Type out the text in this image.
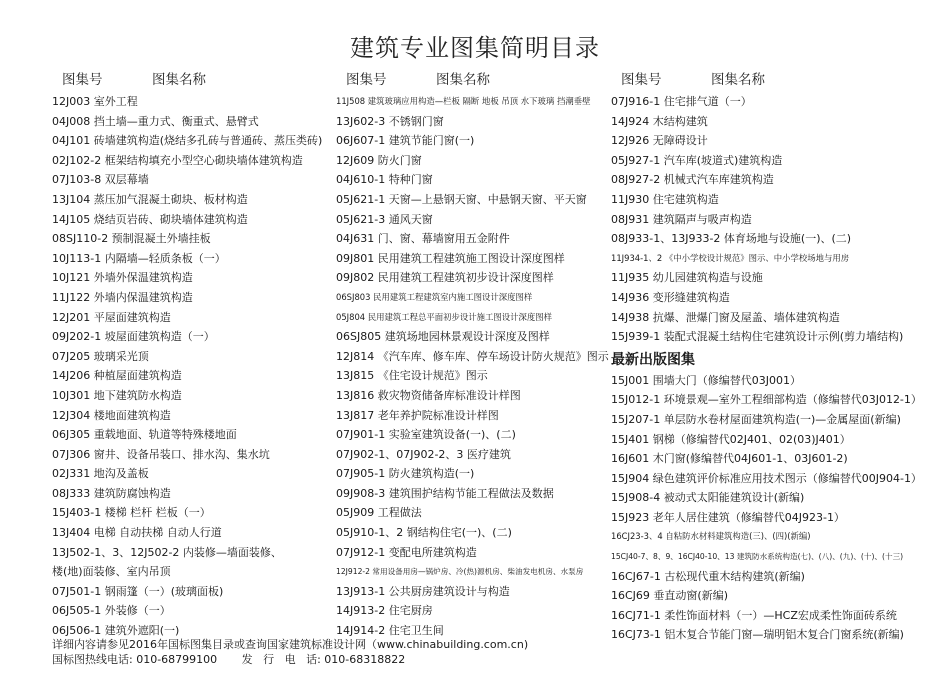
建筑专业图集简明目录
图集号	图集名称
12J003 室外工程
04J008 挡土墙—重力式、衡重式、悬臂式
04J101 砖墙建筑构造(烧结多孔砖与普通砖、蒸压类砖)
02J102-2 框架结构填充小型空心砌块墙体建筑构造
07J103-8 双层幕墙
13J104 蒸压加气混凝土砌块、板材构造
14J105 烧结页岩砖、砌块墙体建筑构造
08SJ110-2 预制混凝土外墙挂板
10J113-1 内隔墙—轻质条板（一）
10J121 外墙外保温建筑构造
11J122 外墙内保温建筑构造
12J201 平屋面建筑构造
09J202-1 坡屋面建筑构造（一）
07J205 玻璃采光顶
14J206 种植屋面建筑构造
10J301 地下建筑防水构造
12J304 楼地面建筑构造
06J305 重载地面、轨道等特殊楼地面
07J306 窗井、设备吊装口、排水沟、集水坑
02J331 地沟及盖板
08J333 建筑防腐蚀构造
15J403-1 楼梯 栏杆 栏板（一）
13J404 电梯 自动扶梯 自动人行道
13J502-1、3、12J502-2 内装修—墙面装修、
楼(地)面装修、室内吊顶
07J501-1 钢雨篷（一）(玻璃面板)
06J505-1 外装修（一）
06J506-1 建筑外遮阳(一)
图集号	图集名称
11J508 建筑玻璃应用构造—栏板 隔断 地板 吊顶 水下玻璃 挡潮垂壁
13J602-3 不锈钢门窗
06J607-1 建筑节能门窗(一)
12J609 防火门窗
04J610-1 特种门窗
05J621-1 天窗—上悬钢天窗、中悬钢天窗、平天窗
05J621-3 通风天窗
04J631 门、窗、幕墙窗用五金附件
09J801 民用建筑工程建筑施工图设计深度图样
09J802 民用建筑工程建筑初步设计深度图样
06SJ803 民用建筑工程建筑室内施工图设计深度图样
05J804 民用建筑工程总平面初步设计施工图设计深度图样
06SJ805 建筑场地园林景观设计深度及图样
12J814 《汽车库、修车库、停车场设计防火规范》图示
13J815 《住宅设计规范》图示
13J816 救灾物资储备库标准设计样图
13J817 老年养护院标准设计样图
07J901-1 实验室建筑设备(一)、(二)
07J902-1、07J902-2、3 医疗建筑
07J905-1 防火建筑构造(一)
09J908-3 建筑围护结构节能工程做法及数据
05J909 工程做法
05J910-1、2 钢结构住宅(一)、(二)
07J912-1 变配电所建筑构造
12J912-2 常用设备用房—锅炉房、冷(热)源机房、柴油发电机房、水泵房
13J913-1 公共厨房建筑设计与构造
14J913-2 住宅厨房
14J914-2 住宅卫生间
图集号	图集名称
07J916-1 住宅排气道（一）
14J924 木结构建筑
12J926 无障碍设计
05J927-1 汽车库(坡道式)建筑构造
08J927-2 机械式汽车库建筑构造
11J930 住宅建筑构造
08J931 建筑隔声与吸声构造
08J933-1、13J933-2 体育场地与设施(一)、(二)
11J934-1、2 《中小学校设计规范》图示、中小学校场地与用房
11J935 幼儿园建筑构造与设施
14J936 变形缝建筑构造
14J938 抗爆、泄爆门窗及屋盖、墙体建筑构造
15J939-1 装配式混凝土结构住宅建筑设计示例(剪力墙结构)
最新出版图集
15J001 围墙大门（修编替代03J001）
15J012-1 环境景观—室外工程细部构造（修编替代03J012-1）
15J207-1 单层防水卷材屋面建筑构造(一)—金属屋面(新编)
15J401 钢梯（修编替代02J401、02(03)J401）
16J601 木门窗(修编替代04J601-1、03J601-2)
15J904 绿色建筑评价标准应用技术图示（修编替代00J904-1）
15J908-4 被动式太阳能建筑设计(新编)
15J923 老年人居住建筑（修编替代04J923-1）
16CJ23-3、4 自粘防水材料建筑构造(三)、(四)(新编)
15CJ40-7、8、9、16CJ40-10、13 建筑防水系统构造(七)、(八)、(九)、(十)、(十三)
16CJ67-1 古松现代重木结构建筑(新编)
16CJ69 垂直动窗(新编)
16CJ71-1 柔性饰面材料（一）—HCZ宏成柔性饰面砖系统
16CJ73-1 铝木复合节能门窗—瑞明铝木复合门窗系统(新编)
详细内容请参见2016年国标图集目录或查询国家建筑标准设计网（www.chinabuilding.com.cn)
国标图热线电话: 010-68799100       发   行   电   话: 010-68318822
